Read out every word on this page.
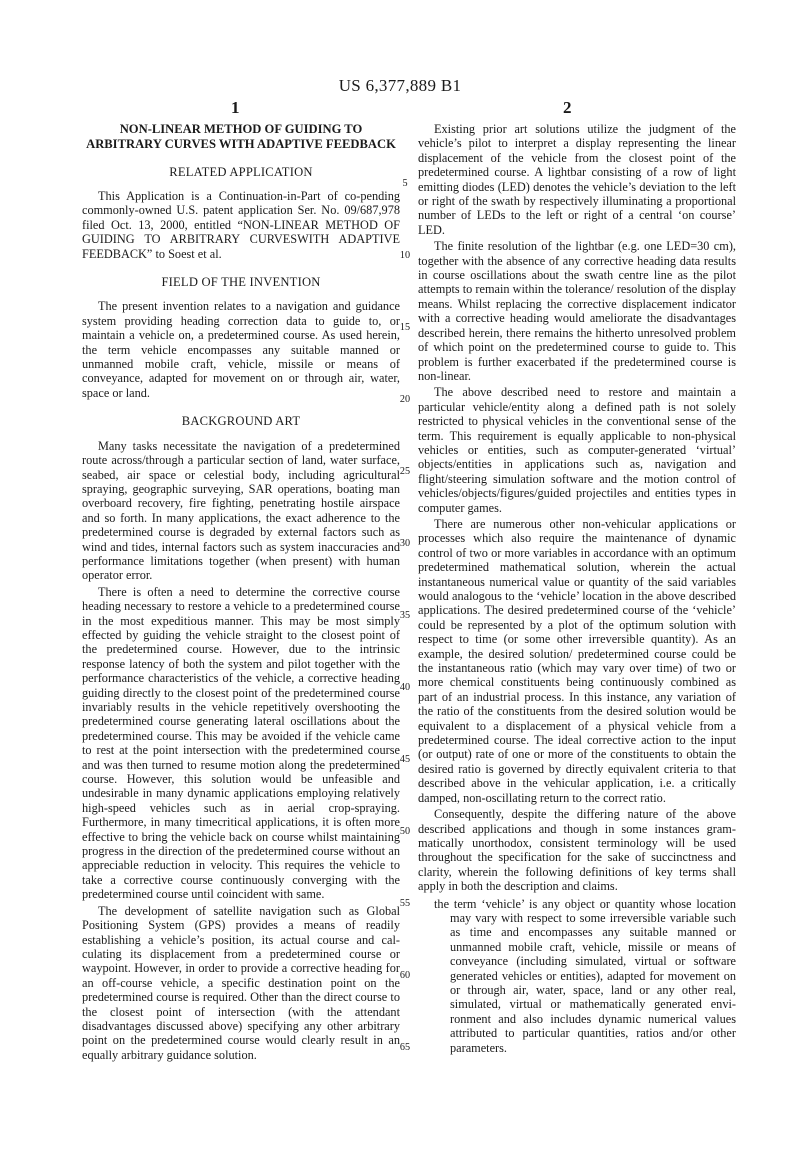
US 6,377,889 B1
1	2

NON-LINEAR METHOD OF GUIDING TO ARBITRARY CURVES WITH ADAPTIVE FEEDBACK

RELATED APPLICATION

This Application is a Continuation-in-Part of co-pending commonly-owned U.S. patent application Ser. No. 09/687,978 filed Oct. 13, 2000, entitled “NON-LINEAR METHOD OF GUIDING TO ARBITRARY CURVESWITH ADAPTIVE FEEDBACK” to Soest et al.

FIELD OF THE INVENTION

The present invention relates to a navigation and guidance system providing heading correction data to guide to, or maintain a vehicle on, a predetermined course. As used herein, the term vehicle encompasses any suitable manned or unmanned mobile craft, vehicle, missile or means of conveyance, adapted for movement on or through air, water, space or land.

BACKGROUND ART

Many tasks necessitate the navigation of a predetermined route across/through a particular section of land, water surface, seabed, air space or celestial body, including agricultural spraying, geographic surveying, SAR operations, boating man overboard recovery, fire fighting, penetrating hostile airspace and so forth. In many applications, the exact adherence to the predetermined course is degraded by external factors such as wind and tides, internal factors such as system inaccuracies and performance limitations together (when present) with human operator error.

There is often a need to determine the corrective course heading necessary to restore a vehicle to a predetermined course in the most expeditious manner. This may be most simply effected by guiding the vehicle straight to the closest point of the predetermined course. However, due to the intrinsic response latency of both the system and pilot together with the performance characteristics of the vehicle, a corrective heading guiding directly to the closest point of the predetermined course invariably results in the vehicle repetitively overshooting the predetermined course generating lateral oscillations about the predetermined course. This may be avoided if the vehicle came to rest at the point intersection with the predetermined course and was then turned to resume motion along the predetermined course. However, this solution would be unfeasible and undesirable in many dynamic applications employing relatively high-speed vehicles such as in aerial crop-spraying. Furthermore, in many timecritical applications, it is often more effective to bring the vehicle back on course whilst maintaining progress in the direction of the predetermined course without an appreciable reduction in velocity. This requires the vehicle to take a corrective course continuously converging with the predetermined course until coincident with same.

The development of satellite navigation such as Global Positioning System (GPS) provides a means of readily establishing a vehicle’s position, its actual course and calculating its displacement from a predetermined course or waypoint. However, in order to provide a corrective heading for an off-course vehicle, a specific destination point on the predetermined course is required. Other than the direct course to the closest point of intersection (with the attendant disadvantages discussed above) specifying any other arbitrary point on the predetermined course would clearly result in an equally arbitrary guidance solution.

Existing prior art solutions utilize the judgment of the vehicle’s pilot to interpret a display representing the linear displacement of the vehicle from the closest point of the predetermined course. A lightbar consisting of a row of light emitting diodes (LED) denotes the vehicle’s deviation to the left or right of the swath by respectively illuminating a proportional number of LEDs to the left or right of a central ‘on course’ LED.

The finite resolution of the lightbar (e.g. one LED=30 cm), together with the absence of any corrective heading data results in course oscillations about the swath centre line as the pilot attempts to remain within the tolerance/ resolution of the display means. Whilst replacing the corrective displacement indicator with a corrective heading would ameliorate the disadvantages described herein, there remains the hitherto unresolved problem of which point on the predetermined course to guide to. This problem is further exacerbated if the predetermined course is non-linear.

The above described need to restore and maintain a particular vehicle/entity along a defined path is not solely restricted to physical vehicles in the conventional sense of the term. This requirement is equally applicable to non-physical vehicles or entities, such as computer-generated ‘virtual’ objects/entities in applications such as, navigation and flight/steering simulation software and the motion control of vehicles/objects/figures/guided projectiles and entities types in computer games.

There are numerous other non-vehicular applications or processes which also require the maintenance of dynamic control of two or more variables in accordance with an optimum predetermined mathematical solution, wherein the actual instantaneous numerical value or quantity of the said variables would analogous to the ‘vehicle’ location in the above described applications. The desired predetermined course of the ‘vehicle’ could be represented by a plot of the optimum solution with respect to time (or some other irreversible quantity). As an example, the desired solution/ predetermined course could be the instantaneous ratio (which may vary over time) of two or more chemical constituents being continuously combined as part of an industrial process. In this instance, any variation of the ratio of the constituents from the desired solution would be equivalent to a displacement of a physical vehicle from a predetermined course. The ideal corrective action to the input (or output) rate of one or more of the constituents to obtain the desired ratio is governed by directly equivalent criteria to that described above in the vehicular application, i.e. a critically damped, non-oscillating return to the correct ratio.

Consequently, despite the differing nature of the above described applications and though in some instances grammatically unorthodox, consistent terminology will be used throughout the specification for the sake of succinctness and clarity, wherein the following definitions of key terms shall apply in both the description and claims.

the term ‘vehicle’ is any object or quantity whose location may vary with respect to some irreversible variable such as time and encompasses any suitable manned or unmanned mobile craft, vehicle, missile or means of conveyance (including simulated, virtual or software generated vehicles or entities), adapted for movement on or through air, water, space, land or any other real, simulated, virtual or mathematically generated environment and also includes dynamic numerical values attributed to particular quantities, ratios and/or other parameters.

5
10
15
20
25
30
35
40
45
50
55
60
65
